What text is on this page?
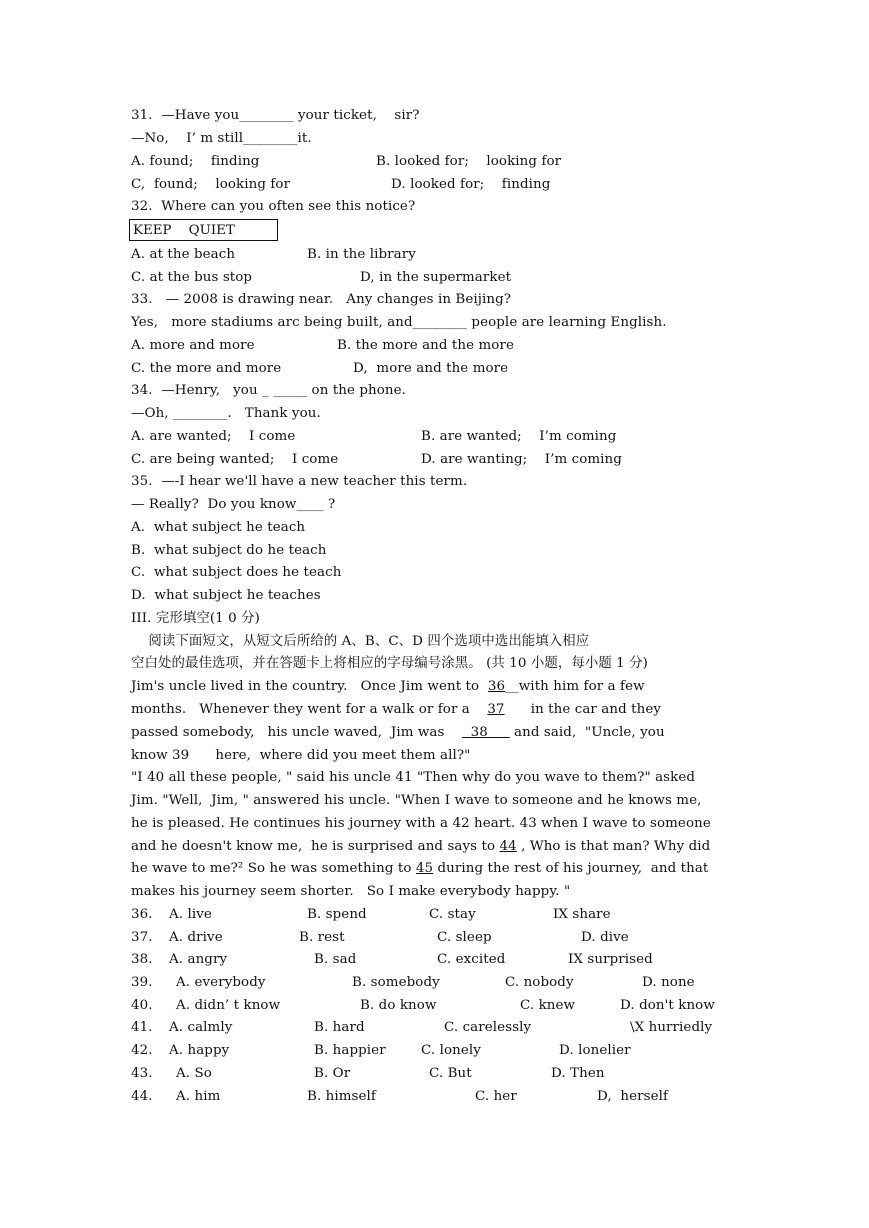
31.  —Have you________ your ticket,    sir?
—No,    I’ m still________it.

A. found;    finding

	B. looked for;    looking for

C,  found;    looking for

	D. looked for;    finding

32.  Where can you often see this notice?
KEEP    QUIET

A. at the beach

	B. in the library

C. at the bus stop

	D, in the supermarket

33.   — 2008 is drawing near.   Any changes in Beijing?
Yes,   more stadiums arc being built, and________ people are learning English.

A. more and more

	B. the more and the more

C. the more and more

	D,  more and the more

34.  —Henry,   you _ _____ on the phone.
—Oh, ________.   Thank you.

A. are wanted;    I come

	B. are wanted;    I’m coming

C. are being wanted;    I come

	D. are wanting;    I’m coming

35.  —-I hear we'll have a new teacher this term.
— Really?  Do you know____ ?
A.  what subject he teach
B.  what subject do he teach
C.  what subject does he teach
D.  what subject he teaches
III. 完形填空(1 0 分)
阅读下面短文，从短文后所给的 A、B、C、D 四个选项中选出能填入相应
空白处的最佳选项，并在答题卡上将相应的字母编号涂黑。 (共 10 小题，每小题 1 分)
Jim's uncle lived in the country.   Once Jim went to  36__with him for a few
months.   Whenever they went for a walk or for a    37      in the car and they
passed somebody,   his uncle waved,  Jim was      38      and said,  "Uncle, you
know 39      here,  where did you meet them all?"
"I 40 all these people, " said his uncle 41 "Then why do you wave to them?" asked
Jim. "Well,  Jim, " answered his uncle. "When I wave to someone and he knows me,
he is pleased. He continues his journey with a 42 heart. 43 when I wave to someone
and he doesn't know me,  he is surprised and says to 44 , Who is that man? Why did
he wave to me?² So he was something to 45 during the rest of his journey,  and that
makes his journey seem shorter.   So I make everybody happy. "

36.

A. live

	B. spend

	C. stay

	IX share

37.

A. drive

	B. rest

	C. sleep

	D. dive

38.

A. angry

	B. sad

	C. excited

	IX surprised

39.

A. everybody

	B. somebody

	C. nobody

	D. none

40.

A. didn’ t know

	B. do know

	C. knew

	D. don't know

41.

A. calmly

	B. hard

	C. carelessly

	\X hurriedly

42.

A. happy

	B. happier

	C. lonely

	D. lonelier

43.

A. So

	B. Or

	C. But

	D. Then

44.

A. him

	B. himself

	C. her

	D,  herself
